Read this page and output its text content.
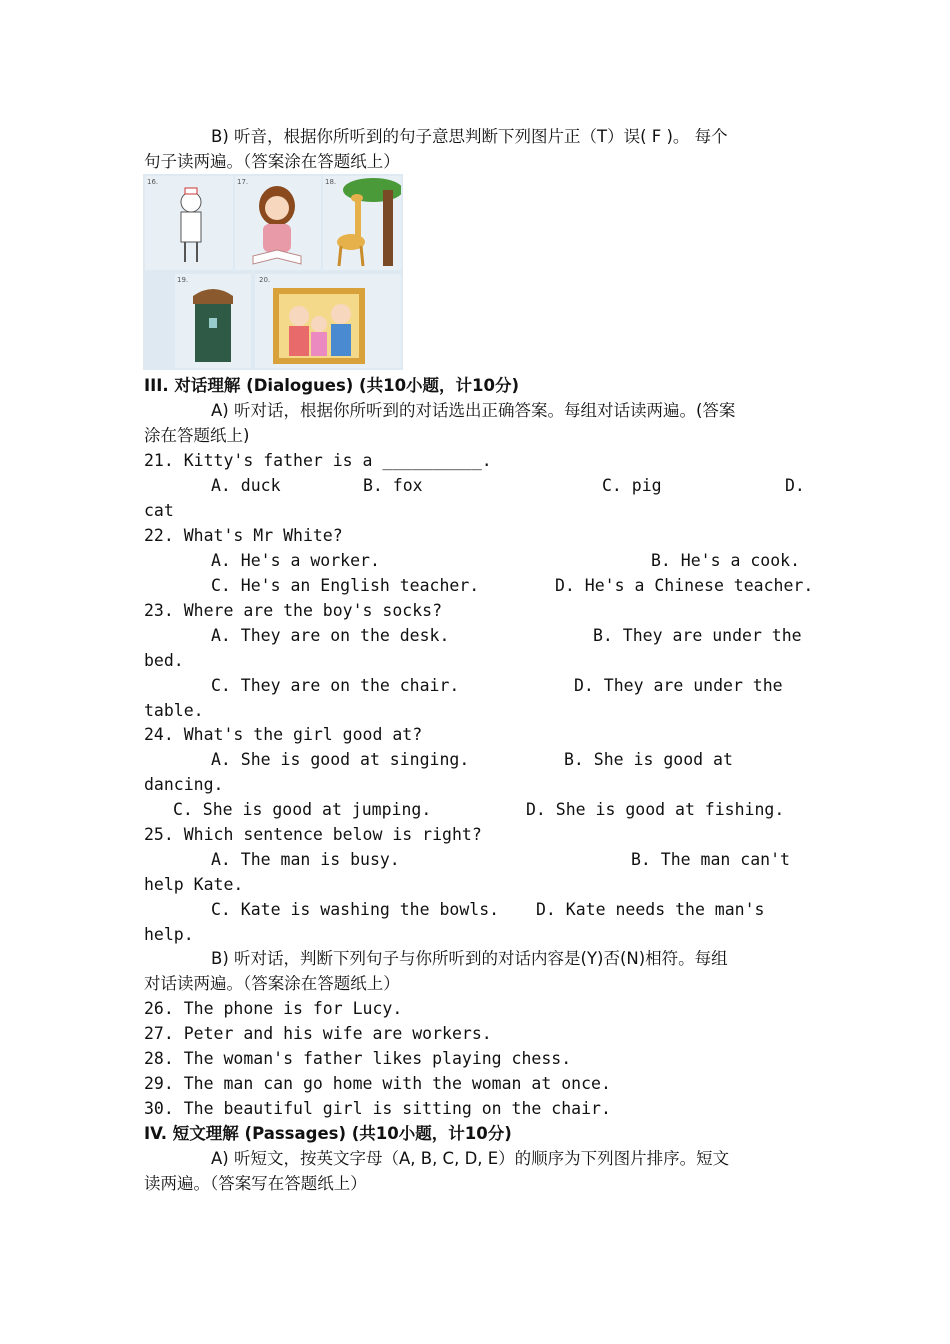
B) 听音，根据你所听到的句子意思判断下列图片正（T）误( F )。 每个
句子读两遍。（答案涂在答题纸上）
16.	17.	18.
19.	20.
III. 对话理解 (Dialogues) (共10小题，计10分)
A) 听对话，根据你所听到的对话选出正确答案。每组对话读两遍。(答案
涂在答题纸上)
21. Kitty's father is a __________.
A. duck	B. fox	C. pig	D.
cat
22. What's Mr White?
A. He's a worker.	B. He's a cook.
C. He's an English teacher.	D. He's a Chinese teacher.
23. Where are the boy's socks?
A. They are on the desk.	B. They are under the
bed.
C. They are on the chair.	D. They are under the
table.
24. What's the girl good at?
A. She is good at singing.	B. She is good at
dancing.
C. She is good at jumping.	D. She is good at fishing.
25. Which sentence below is right?
A. The man is busy.	B. The man can't
help Kate.
C. Kate is washing the bowls. D. Kate needs the man's
help.
B) 听对话，判断下列句子与你所听到的对话内容是(Y)否(N)相符。每组
对话读两遍。（答案涂在答题纸上）
26. The phone is for Lucy.
27. Peter and his wife are workers.
28. The woman's father likes playing chess.
29. The man can go home with the woman at once.
30. The beautiful girl is sitting on the chair.
IV. 短文理解 (Passages) (共10小题，计10分)
A) 听短文，按英文字母（A, B, C, D, E）的顺序为下列图片排序。短文
读两遍。（答案写在答题纸上）
